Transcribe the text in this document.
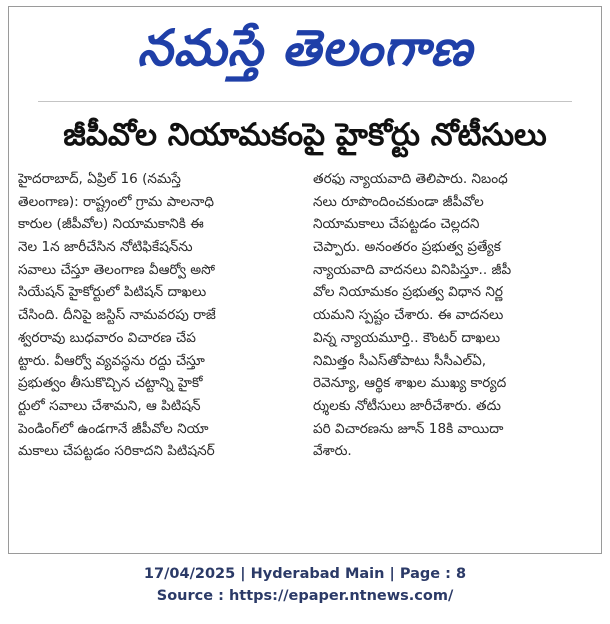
నమస్తే తెలంగాణ
జీపీవోల నియామకంపై హైకోర్టు నోటీసులు
హైదరాబాద్, ఏప్రిల్ 16 (నమస్తే
తెలంగాణ): రాష్ట్రంలో గ్రామ పాలనాధి
కారుల (జీపీవోల) నియామకానికి ఈ
నెల 1న జారీచేసిన నోటిఫికేషన్‌ను
సవాలు చేస్తూ తెలంగాణ వీఆర్వో అసో
సియేషన్ హైకోర్టులో పిటిషన్ దాఖలు
చేసింది. దీనిపై జస్టిస్ నామవరపు రాజే
శ్వరరావు బుధవారం విచారణ చేప
ట్టారు. వీఆర్వో వ్యవస్థను రద్దు చేస్తూ
ప్రభుత్వం తీసుకొచ్చిన చట్టాన్ని హైకో
ర్టులో సవాలు చేశామని, ఆ పిటిషన్
పెండింగ్‌లో ఉండగానే జీపీవోల నియా
మకాలు చేపట్టడం సరికాదని పిటిషనర్
తరఫు న్యాయవాది తెలిపారు. నిబంధ
నలు రూపొందించకుండా జీపీవోల
నియామకాలు చేపట్టడం చెల్లదని
చెప్పారు. అనంతరం ప్రభుత్వ ప్రత్యేక
న్యాయవాది వాదనలు వినిపిస్తూ.. జీపీ
వోల నియామకం ప్రభుత్వ విధాన నిర్ణ
యమని స్పష్టం చేశారు. ఈ వాదనలు
విన్న న్యాయమూర్తి.. కౌంటర్ దాఖలు
నిమిత్తం సీఎస్‌తోపాటు సీసీఎల్‌ఏ,
రెవెన్యూ, ఆర్థిక శాఖల ముఖ్య కార్యద
ర్శులకు నోటీసులు జారీచేశారు. తదు
పరి విచారణను జూన్ 18కి వాయిదా
వేశారు.
17/04/2025 | Hyderabad Main | Page : 8
Source : https://epaper.ntnews.com/
